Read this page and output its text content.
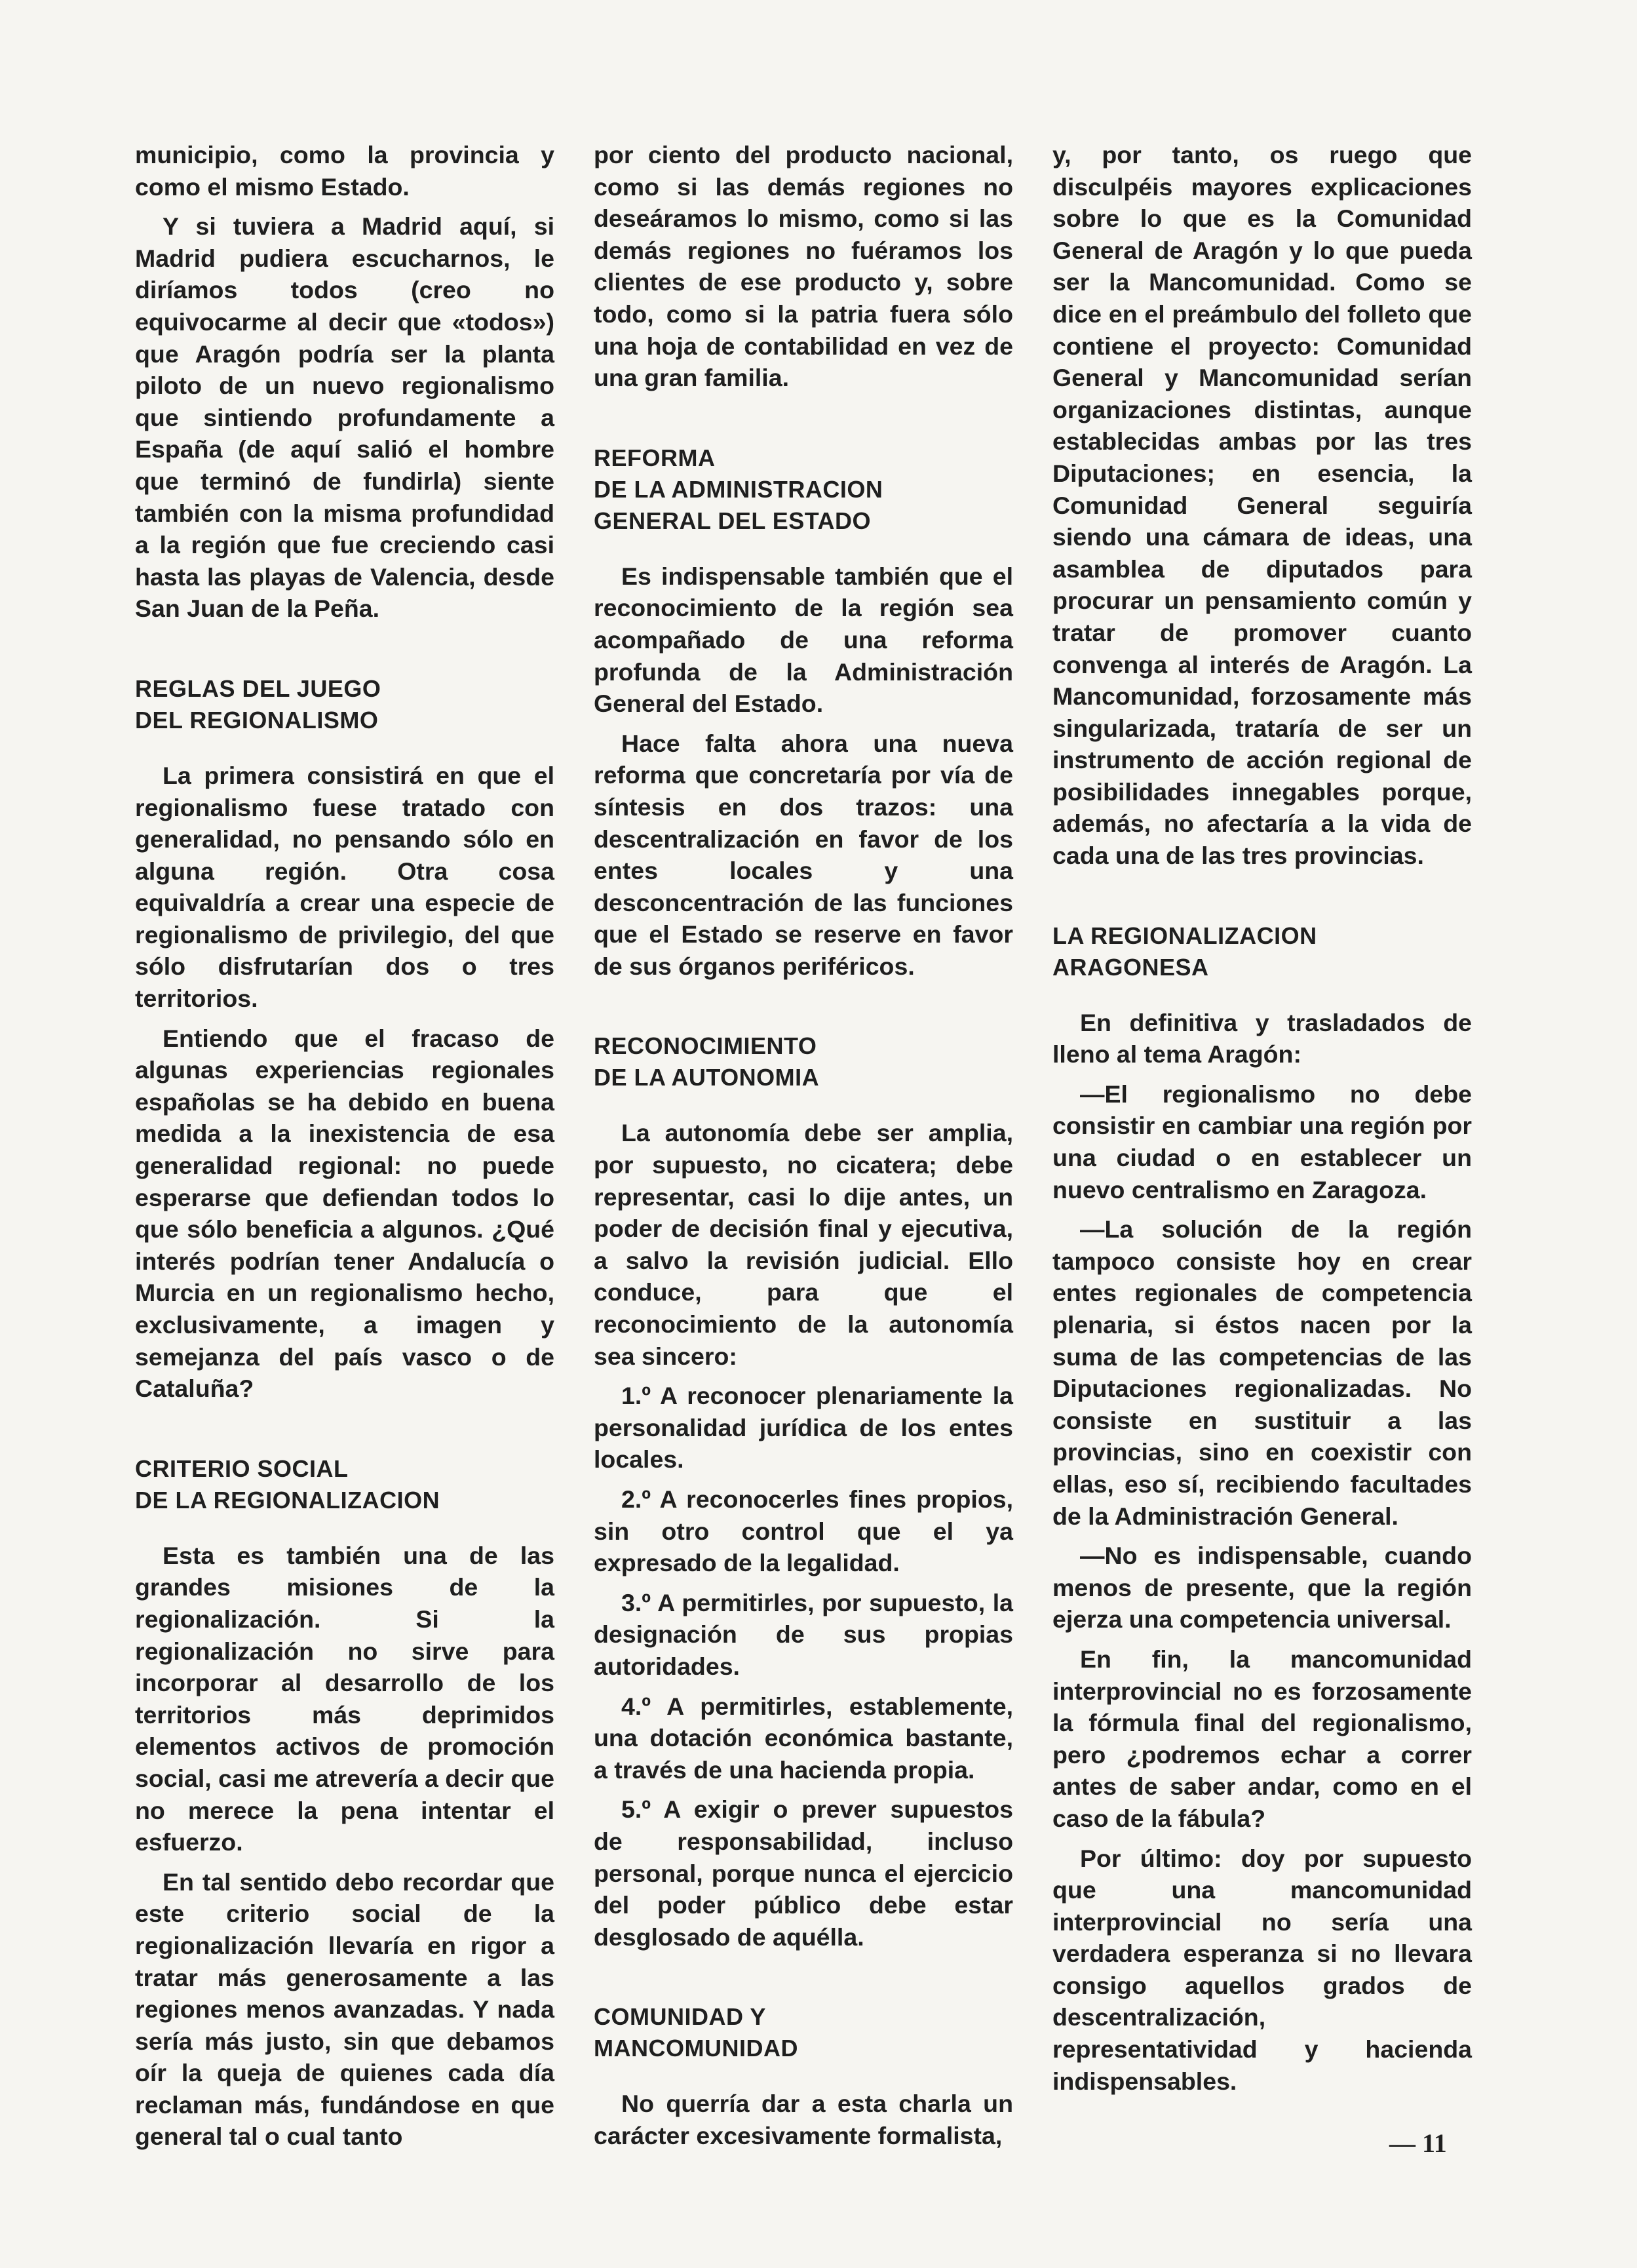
municipio, como la provincia y como el mismo Estado.

Y si tuviera a Madrid aquí, si Madrid pudiera escucharnos, le diríamos todos (creo no equivocarme al decir que «todos») que Aragón podría ser la planta piloto de un nuevo regionalismo que sintiendo profundamente a España (de aquí salió el hombre que terminó de fundirla) siente también con la misma profundidad a la región que fue creciendo casi hasta las playas de Valencia, desde San Juan de la Peña.

REGLAS DEL JUEGO
DEL REGIONALISMO

La primera consistirá en que el regionalismo fuese tratado con generalidad, no pensando sólo en alguna región. Otra cosa equivaldría a crear una especie de regionalismo de privilegio, del que sólo disfrutarían dos o tres territorios.

Entiendo que el fracaso de algunas experiencias regionales españolas se ha debido en buena medida a la inexistencia de esa generalidad regional: no puede esperarse que defiendan todos lo que sólo beneficia a algunos. ¿Qué interés podrían tener Andalucía o Murcia en un regionalismo hecho, exclusivamente, a imagen y semejanza del país vasco o de Cataluña?

CRITERIO SOCIAL
DE LA REGIONALIZACION

Esta es también una de las grandes misiones de la regionalización. Si la regionalización no sirve para incorporar al desarrollo de los territorios más deprimidos elementos activos de promoción social, casi me atrevería a decir que no merece la pena intentar el esfuerzo.

En tal sentido debo recordar que este criterio social de la regionalización llevaría en rigor a tratar más generosamente a las regiones menos avanzadas. Y nada sería más justo, sin que debamos oír la queja de quienes cada día reclaman más, fundándose en que general tal o cual tanto

por ciento del producto nacional, como si las demás regiones no deseáramos lo mismo, como si las demás regiones no fuéramos los clientes de ese producto y, sobre todo, como si la patria fuera sólo una hoja de contabilidad en vez de una gran familia.

REFORMA
DE LA ADMINISTRACION
GENERAL DEL ESTADO

Es indispensable también que el reconocimiento de la región sea acompañado de una reforma profunda de la Administración General del Estado.

Hace falta ahora una nueva reforma que concretaría por vía de síntesis en dos trazos: una descentralización en favor de los entes locales y una desconcentración de las funciones que el Estado se reserve en favor de sus órganos periféricos.

RECONOCIMIENTO
DE LA AUTONOMIA

La autonomía debe ser amplia, por supuesto, no cicatera; debe representar, casi lo dije antes, un poder de decisión final y ejecutiva, a salvo la revisión judicial. Ello conduce, para que el reconocimiento de la autonomía sea sincero:

1.º A reconocer plenariamente la personalidad jurídica de los entes locales.

2.º A reconocerles fines propios, sin otro control que el ya expresado de la legalidad.

3.º A permitirles, por supuesto, la designación de sus propias autoridades.

4.º A permitirles, establemente, una dotación económica bastante, a través de una hacienda propia.

5.º A exigir o prever supuestos de responsabilidad, incluso personal, porque nunca el ejercicio del poder público debe estar desglosado de aquélla.

COMUNIDAD Y
MANCOMUNIDAD

No querría dar a esta charla un carácter excesivamente formalista,

y, por tanto, os ruego que disculpéis mayores explicaciones sobre lo que es la Comunidad General de Aragón y lo que pueda ser la Mancomunidad. Como se dice en el preámbulo del folleto que contiene el proyecto: Comunidad General y Mancomunidad serían organizaciones distintas, aunque establecidas ambas por las tres Diputaciones; en esencia, la Comunidad General seguiría siendo una cámara de ideas, una asamblea de diputados para procurar un pensamiento común y tratar de promover cuanto convenga al interés de Aragón. La Mancomunidad, forzosamente más singularizada, trataría de ser un instrumento de acción regional de posibilidades innegables porque, además, no afectaría a la vida de cada una de las tres provincias.

LA REGIONALIZACION
ARAGONESA

En definitiva y trasladados de lleno al tema Aragón:

—El regionalismo no debe consistir en cambiar una región por una ciudad o en establecer un nuevo centralismo en Zaragoza.

—La solución de la región tampoco consiste hoy en crear entes regionales de competencia plenaria, si éstos nacen por la suma de las competencias de las Diputaciones regionalizadas. No consiste en sustituir a las provincias, sino en coexistir con ellas, eso sí, recibiendo facultades de la Administración General.

—No es indispensable, cuando menos de presente, que la región ejerza una competencia universal.

En fin, la mancomunidad interprovincial no es forzosamente la fórmula final del regionalismo, pero ¿podremos echar a correr antes de saber andar, como en el caso de la fábula?

Por último: doy por supuesto que una mancomunidad interprovincial no sería una verdadera esperanza si no llevara consigo aquellos grados de descentralización, representatividad y hacienda indispensables.

— 11
